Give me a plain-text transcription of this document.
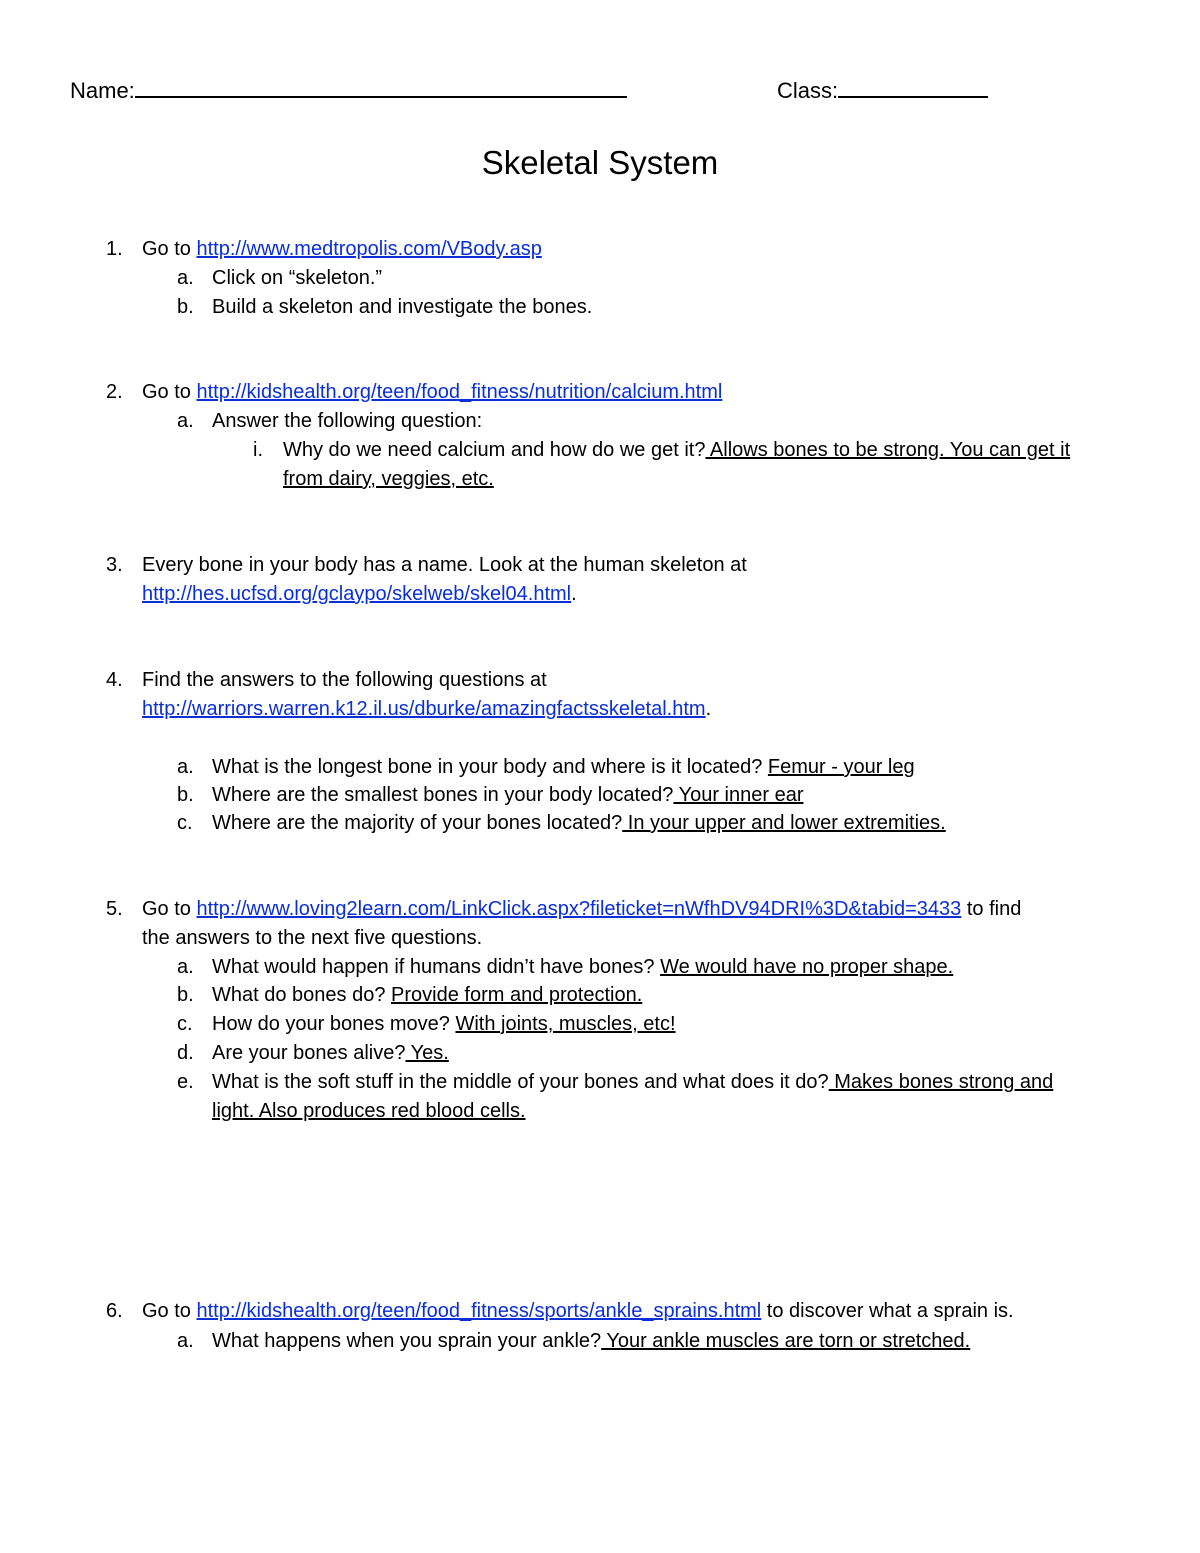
Name:	Class:
Skeletal System
1. Go to http://www.medtropolis.com/VBody.asp
a. Click on “skeleton.”
b. Build a skeleton and investigate the bones.
2. Go to http://kidshealth.org/teen/food_fitness/nutrition/calcium.html
a. Answer the following question:
i. Why do we need calcium and how do we get it? Allows bones to be strong. You can get it
from dairy, veggies, etc.
3. Every bone in your body has a name. Look at the human skeleton at
http://hes.ucfsd.org/gclaypo/skelweb/skel04.html.
4. Find the answers to the following questions at
http://warriors.warren.k12.il.us/dburke/amazingfactsskeletal.htm.
a. What is the longest bone in your body and where is it located? Femur - your leg
b. Where are the smallest bones in your body located? Your inner ear
c. Where are the majority of your bones located? In your upper and lower extremities.
5. Go to http://www.loving2learn.com/LinkClick.aspx?fileticket=nWfhDV94DRI%3D&tabid=3433 to find
the answers to the next five questions.
a. What would happen if humans didn’t have bones? We would have no proper shape.
b. What do bones do? Provide form and protection.
c. How do your bones move? With joints, muscles, etc!
d. Are your bones alive? Yes.
e. What is the soft stuff in the middle of your bones and what does it do? Makes bones strong and
light. Also produces red blood cells.
6. Go to http://kidshealth.org/teen/food_fitness/sports/ankle_sprains.html to discover what a sprain is.
a. What happens when you sprain your ankle? Your ankle muscles are torn or stretched.
